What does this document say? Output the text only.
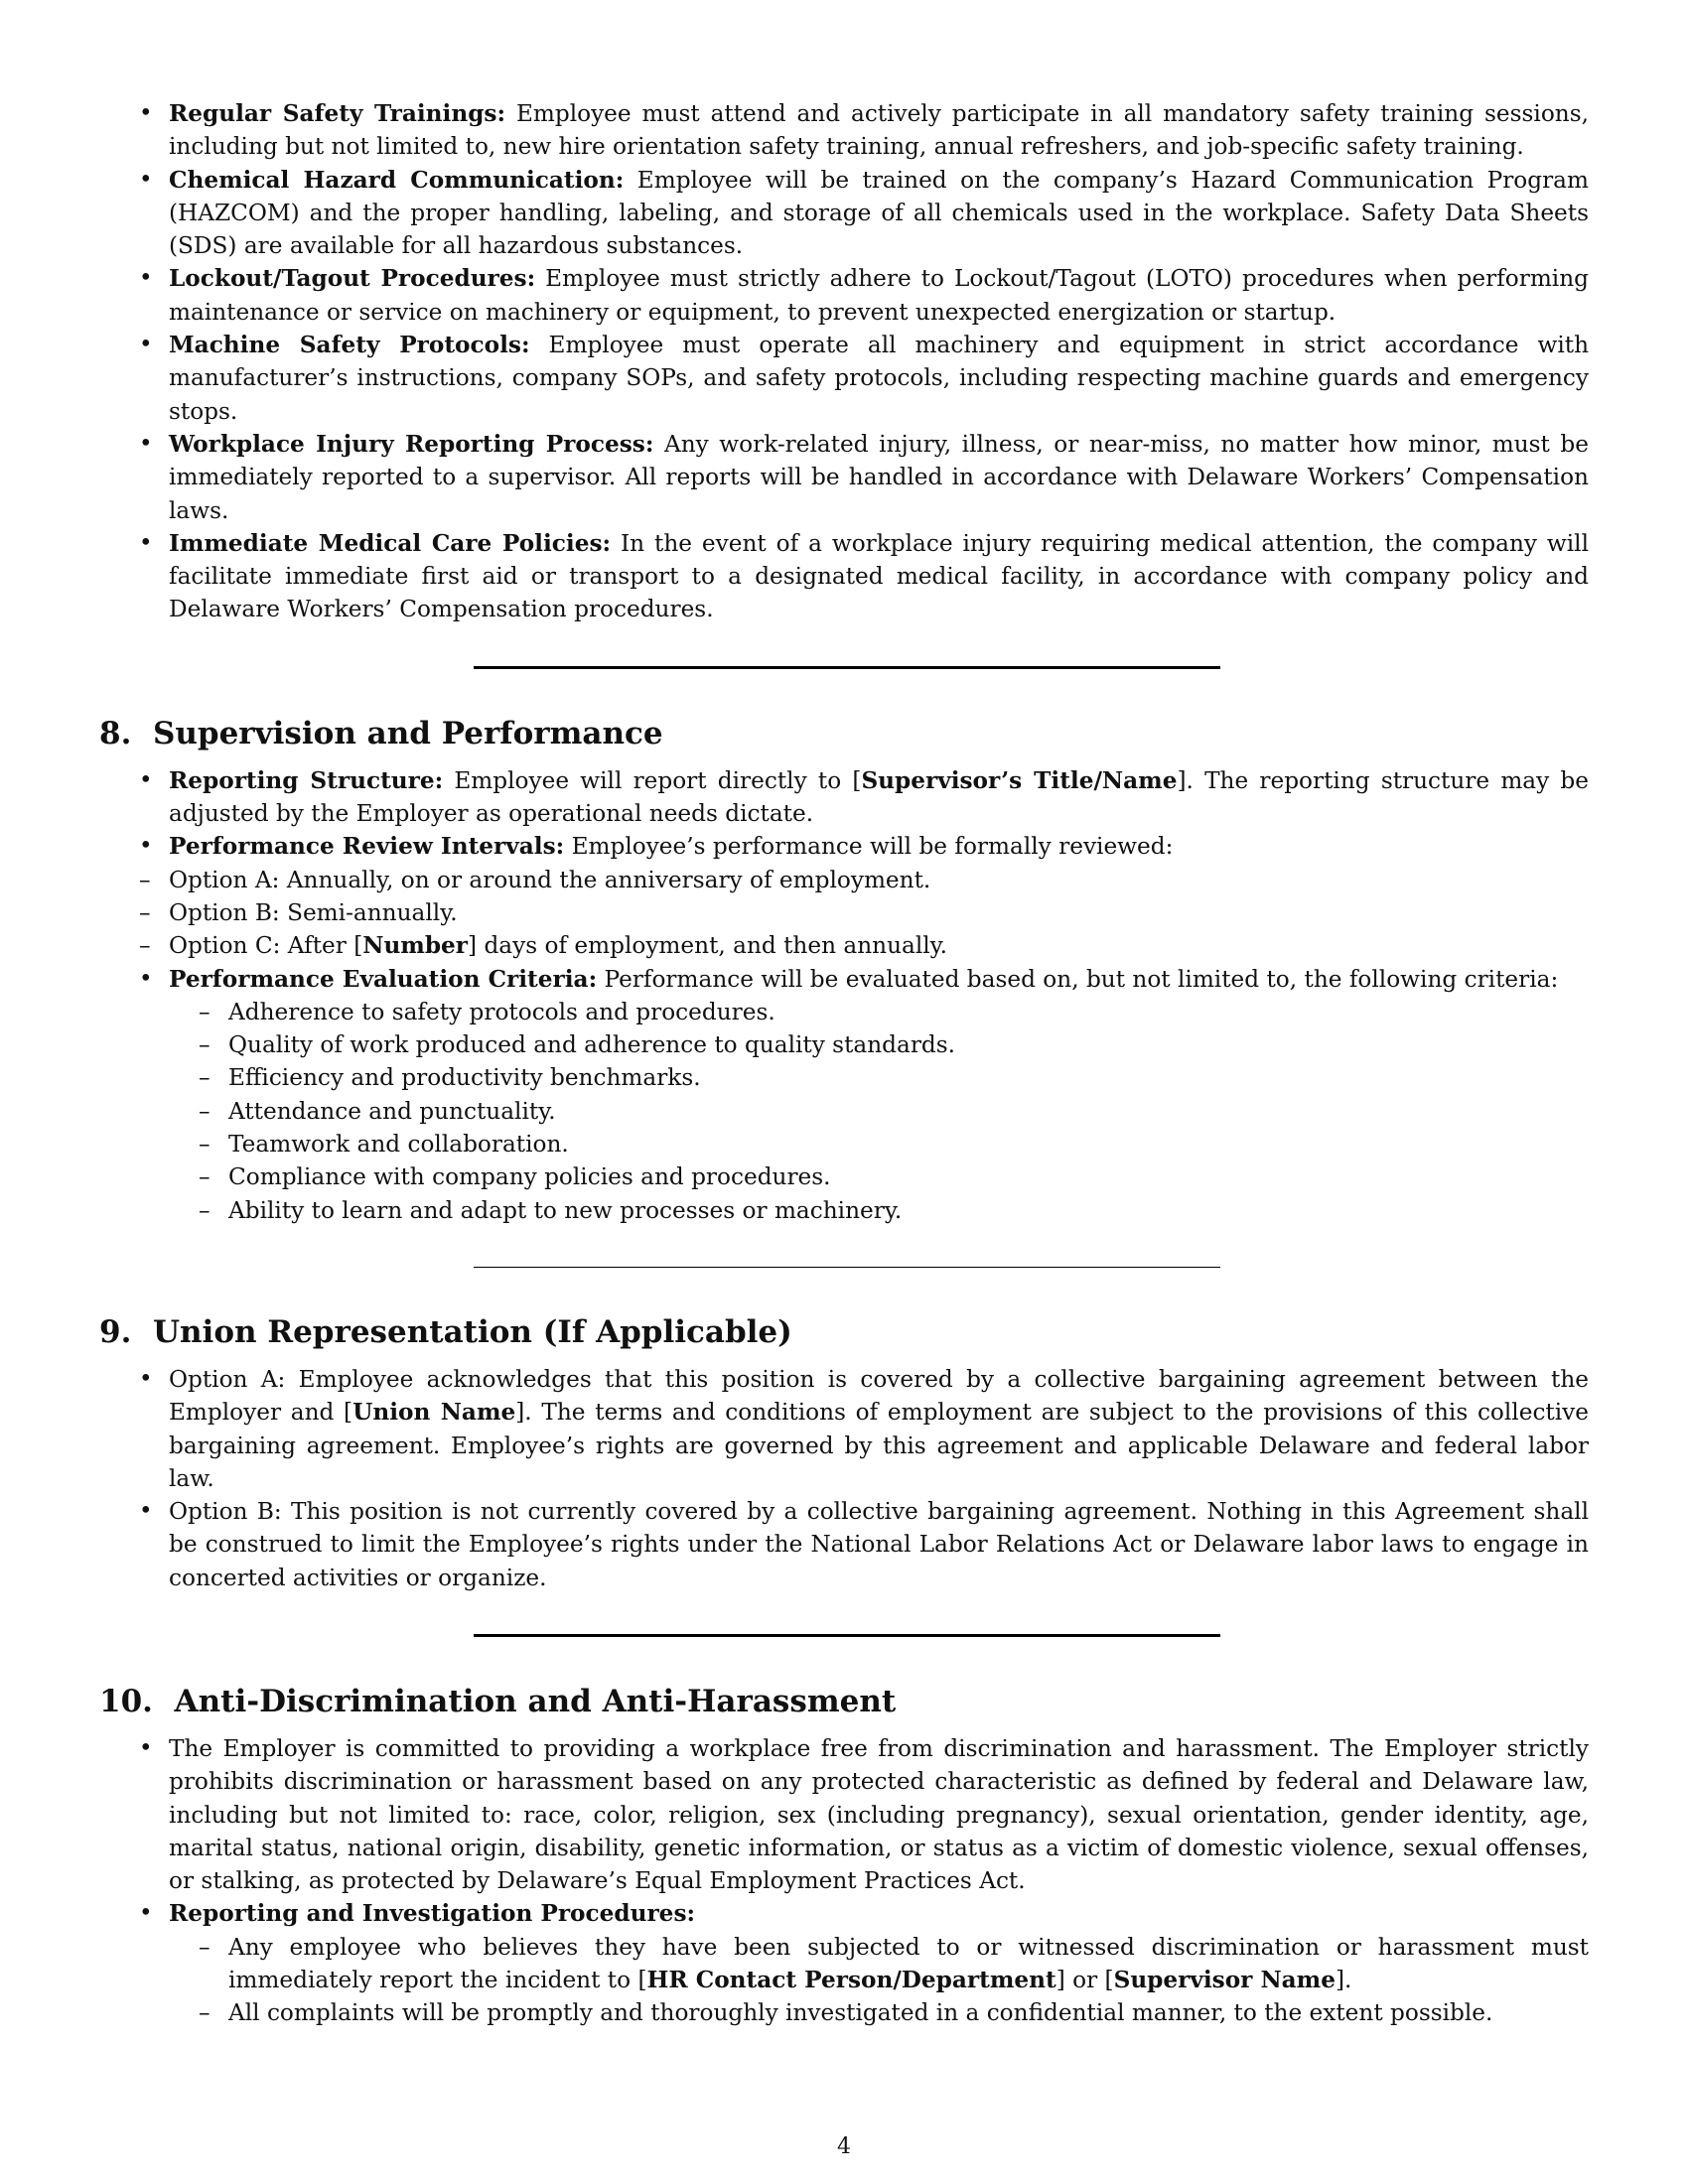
• Regular Safety Trainings: Employee must attend and actively participate in all mandatory safety training sessions, including but not limited to, new hire orientation safety training, annual refreshers, and job-specific safety training.
• Chemical Hazard Communication: Employee will be trained on the company’s Hazard Communication Program (HAZCOM) and the proper handling, labeling, and storage of all chemicals used in the workplace. Safety Data Sheets (SDS) are available for all hazardous substances.
• Lockout/Tagout Procedures: Employee must strictly adhere to Lockout/Tagout (LOTO) procedures when performing maintenance or service on machinery or equipment, to prevent unexpected energization or startup.
• Machine Safety Protocols: Employee must operate all machinery and equipment in strict accordance with manufacturer’s instructions, company SOPs, and safety protocols, including respecting machine guards and emergency stops.
• Workplace Injury Reporting Process: Any work-related injury, illness, or near-miss, no matter how minor, must be immediately reported to a supervisor. All reports will be handled in accordance with Delaware Workers’ Compensation laws.
• Immediate Medical Care Policies: In the event of a workplace injury requiring medical attention, the company will facilitate immediate first aid or transport to a designated medical facility, in accordance with company policy and Delaware Workers’ Compensation procedures.
8. Supervision and Performance
• Reporting Structure: Employee will report directly to [Supervisor’s Title/Name]. The reporting structure may be adjusted by the Employer as operational needs dictate.
• Performance Review Intervals: Employee’s performance will be formally reviewed:
– Option A: Annually, on or around the anniversary of employment.
– Option B: Semi-annually.
– Option C: After [Number] days of employment, and then annually.
• Performance Evaluation Criteria: Performance will be evaluated based on, but not limited to, the following criteria:
– Adherence to safety protocols and procedures.
– Quality of work produced and adherence to quality standards.
– Efficiency and productivity benchmarks.
– Attendance and punctuality.
– Teamwork and collaboration.
– Compliance with company policies and procedures.
– Ability to learn and adapt to new processes or machinery.
9. Union Representation (If Applicable)
• Option A: Employee acknowledges that this position is covered by a collective bargaining agreement between the Employer and [Union Name]. The terms and conditions of employment are subject to the provisions of this collective bargaining agreement. Employee’s rights are governed by this agreement and applicable Delaware and federal labor law.
• Option B: This position is not currently covered by a collective bargaining agreement. Nothing in this Agreement shall be construed to limit the Employee’s rights under the National Labor Relations Act or Delaware labor laws to engage in concerted activities or organize.
10. Anti-Discrimination and Anti-Harassment
• The Employer is committed to providing a workplace free from discrimination and harassment. The Employer strictly prohibits discrimination or harassment based on any protected characteristic as defined by federal and Delaware law, including but not limited to: race, color, religion, sex (including pregnancy), sexual orientation, gender identity, age, marital status, national origin, disability, genetic information, or status as a victim of domestic violence, sexual offenses, or stalking, as protected by Delaware’s Equal Employment Practices Act.
• Reporting and Investigation Procedures:
– Any employee who believes they have been subjected to or witnessed discrimination or harassment must immediately report the incident to [HR Contact Person/Department] or [Supervisor Name].
– All complaints will be promptly and thoroughly investigated in a confidential manner, to the extent possible.
4
